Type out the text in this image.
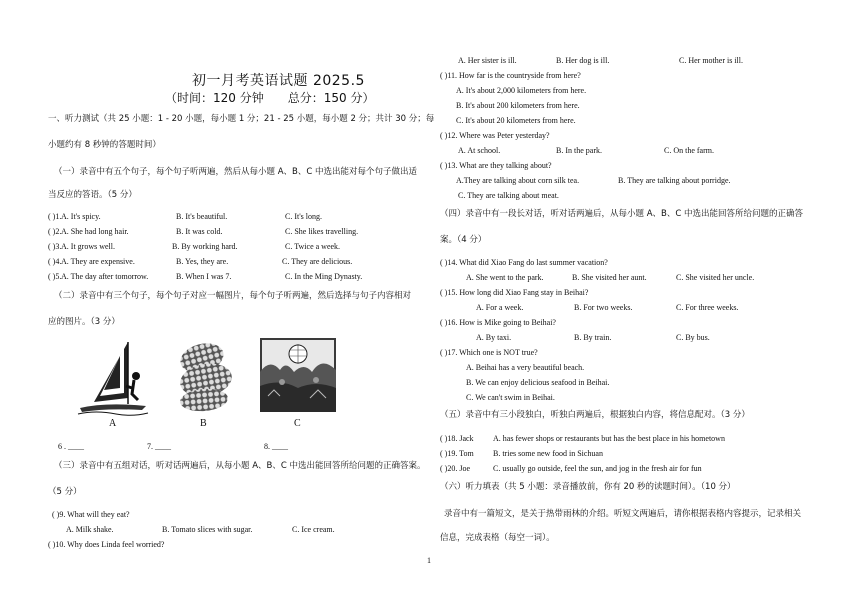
初一月考英语试题 2025.5
（时间：120 分钟　　总分：150 分）
一、听力测试（共 25 小题：1 - 20 小题，每小题 1 分；21 - 25 小题，每小题 2 分；共计 30 分；每
小题约有 8 秒钟的答题时间）
（一）录音中有五个句子，每个句子听两遍，然后从每小题 A、B、C 中选出能对每个句子做出适
当反应的答语。（5 分）
( )1. A. It's spicy.	B. It's beautiful.	C. It's long.
( )2. A. She had long hair.	B. It was cold.	C. She likes travelling.
( )3. A. It grows well.	B. By working hard.	C. Twice a week.
( )4. A. They are expensive.	B. Yes, they are.	C. They are delicious.
( )5. A. The day after tomorrow.	B. When I was 7.	C. In the Ming Dynasty.
（二）录音中有三个句子，每个句子对应一幅图片，每个句子听两遍，然后选择与句子内容相对
应的图片。（3 分）
A	B	C
6 . ____	7. ____	8. ____
（三）录音中有五组对话，听对话两遍后，从每小题 A、B、C 中选出能回答所给问题的正确答案。
（5 分）
( )9. What will they eat?
A. Milk shake.	B. Tomato slices with sugar.	C. Ice cream.
( )10. Why does Linda feel worried?
A. Her sister is ill.	B. Her dog is ill.	C. Her mother is ill.
( )11. How far is the countryside from here?
A. It's about 2,000 kilometers from here.
B. It's about 200 kilometers from here.
C. It's about 20 kilometers from here.
( )12. Where was Peter yesterday?
A. At school.	B. In the park.	C. On the farm.
( )13. What are they talking about?
A.They are talking about corn silk tea.	B. They are talking about porridge.
C. They are talking about meat.
（四）录音中有一段长对话，听对话两遍后，从每小题 A、B、C 中选出能回答所给问题的正确答
案。（4 分）
( )14. What did Xiao Fang do last summer vacation?
A. She went to the park.	B. She visited her aunt.	C. She visited her uncle.
( )15. How long did Xiao Fang stay in Beihai?
A. For a week.	B. For two weeks.	C. For three weeks.
( )16. How is Mike going to Beihai?
A. By taxi.	B. By train.	C. By bus.
( )17. Which one is NOT true?
A. Beihai has a very beautiful beach.
B. We can enjoy delicious seafood in Beihai.
C. We can't swim in Beihai.
（五）录音中有三小段独白，听独白两遍后，根据独白内容，将信息配对。（3 分）
( )18. Jack A. has fewer shops or restaurants but has the best place in his hometown
( )19. Tom B. tries some new food in Sichuan
( )20. Joe	C. usually go outside, feel the sun, and jog in the fresh air for fun
（六）听力填表（共 5 小题：录音播放前，你有 20 秒的读题时间）。（10 分）
录音中有一篇短文，是关于热带雨林的介绍。听短文两遍后，请你根据表格内容提示，记录相关
信息，完成表格（每空一词）。
1
